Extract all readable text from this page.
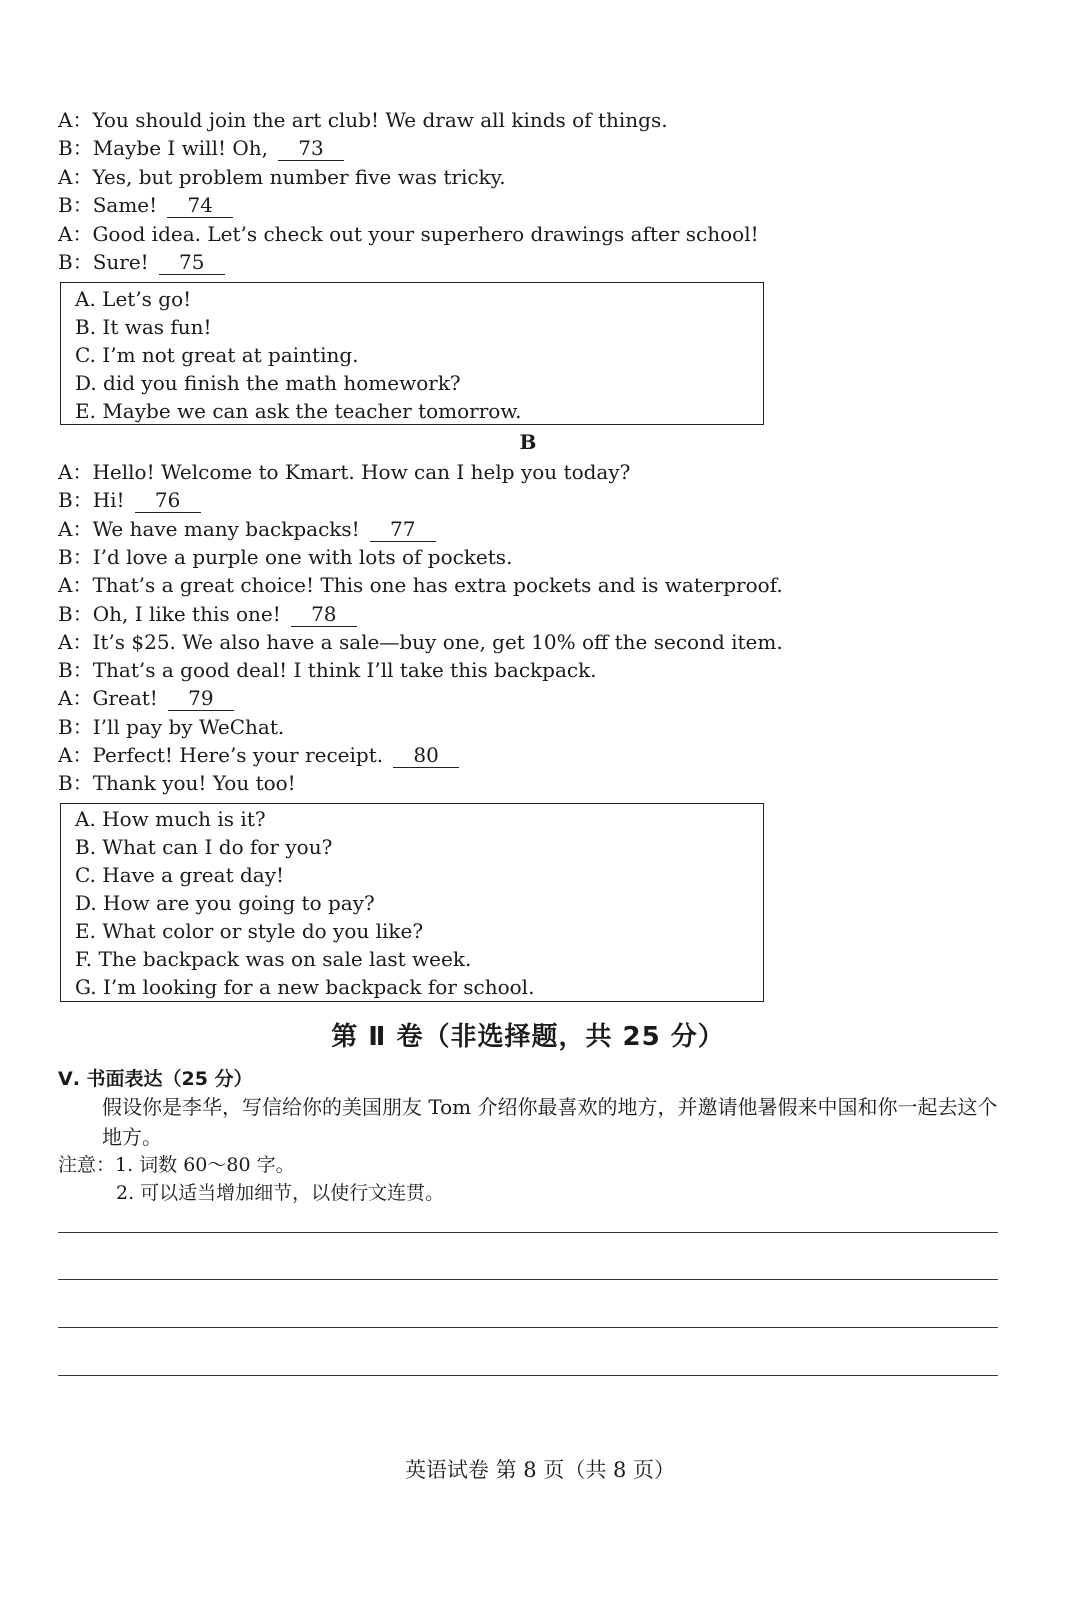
A：You should join the art club! We draw all kinds of things.
B：Maybe I will! Oh, 73
A：Yes, but problem number five was tricky.
B：Same! 74
A：Good idea. Let’s check out your superhero drawings after school!
B：Sure! 75
A. Let’s go!
B. It was fun!
C. I’m not great at painting.
D. did you finish the math homework?
E. Maybe we can ask the teacher tomorrow.
B
A：Hello! Welcome to Kmart. How can I help you today?
B：Hi! 76
A：We have many backpacks! 77
B：I’d love a purple one with lots of pockets.
A：That’s a great choice! This one has extra pockets and is waterproof.
B：Oh, I like this one! 78
A：It’s $25. We also have a sale—buy one, get 10% off the second item.
B：That’s a good deal! I think I’ll take this backpack.
A：Great! 79
B：I’ll pay by WeChat.
A：Perfect! Here’s your receipt. 80
B：Thank you! You too!
A. How much is it?
B. What can I do for you?
C. Have a great day!
D. How are you going to pay?
E. What color or style do you like?
F. The backpack was on sale last week.
G. I’m looking for a new backpack for school.
第 Ⅱ 卷（非选择题，共 25 分）
Ⅴ. 书面表达（25 分）
假设你是李华，写信给你的美国朋友 Tom 介绍你最喜欢的地方，并邀请他暑假来中国和你一起去这个地方。
注意：1. 词数 60～80 字。
2. 可以适当增加细节，以使行文连贯。
英语试卷 第 8 页（共 8 页）
